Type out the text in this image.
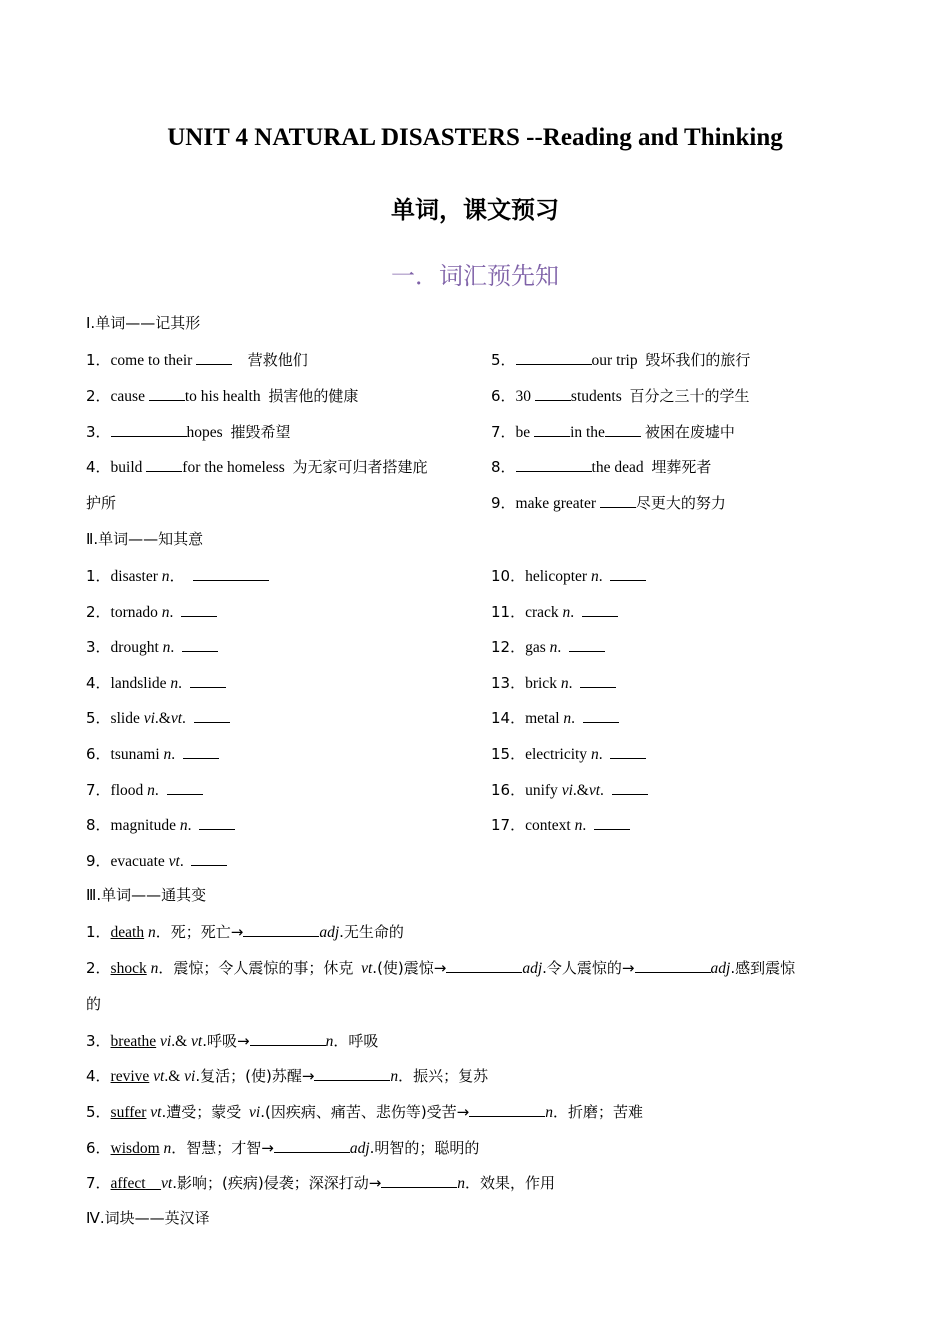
UNIT 4 NATURAL DISASTERS --Reading and Thinking
单词，课文预习
一．词汇预先知
Ⅰ.单词——记其形
1．come to their	营救他们
2．cause	to his health 损害他的健康
3．	hopes 摧毁希望
4．build	for the homeless 为无家可归者搭建庇
护所
5．	our trip 毁坏我们的旅行
6．30	students 百分之三十的学生
7．be	in the	被困在废墟中
8．	the dead 埋葬死者
9．make greater	尽更大的努力
Ⅱ.单词——知其意
1．disaster n．
2．tornado n.
3．drought n.
4．landslide n.
5．slide vi.&vt.
6．tsunami n.
7．flood n.
8．magnitude n.
9．evacuate vt.
10．helicopter n.
11．crack n.
12．gas n.
13．brick n.
14．metal n.
15．electricity n.
16．unify vi.&vt.
17．context n.
Ⅲ.单词——通其变
1．death n．死；死亡→	adj.无生命的
2．shock n．震惊；令人震惊的事；休克 vt.(使)震惊→	adj.令人震惊的→	adj.感到震惊
的
3．breathe vi.& vt.呼吸→	n．呼吸
4．revive vt.& vi.复活；(使)苏醒→	n．振兴；复苏
5．suffer vt.遭受；蒙受 vi.(因疾病、痛苦、悲伤等)受苦→	n．折磨；苦难
6．wisdom n．智慧；才智→	adj.明智的；聪明的
7．affect vt.影响；(疾病)侵袭；深深打动→	n．效果，作用
Ⅳ.词块——英汉译
